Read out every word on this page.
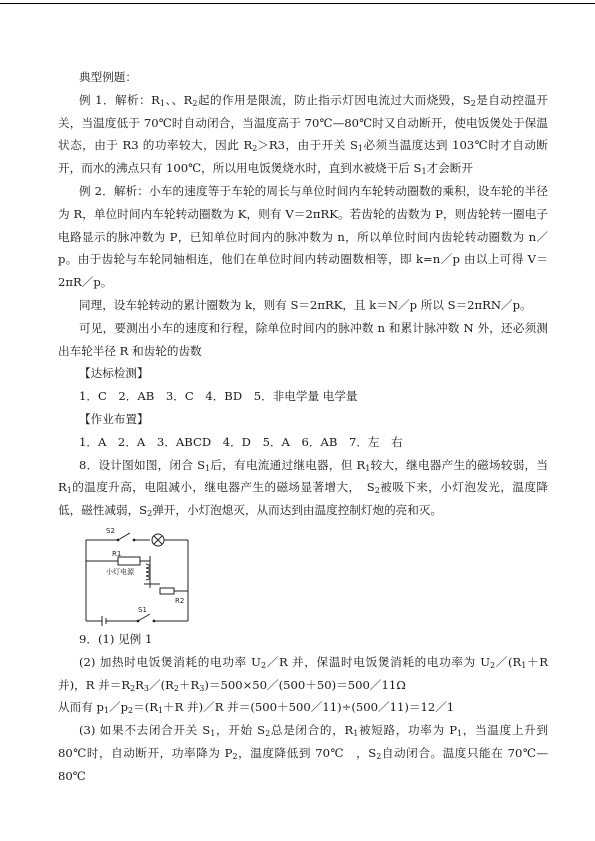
典型例题：

例 1．解析：$R_1$、、$R_2$起的作用是限流，防止指示灯因电流过大而烧毁，$S_2$是自动控温开关，当温度低于 70℃时自动闭合，当温度高于 70℃—80℃时又自动断开，使电饭煲处于保温状态，由于 R3 的功率较大，因此 $R_2>R3$，由于开关 $S_1$必须当温度达到 103℃时才自动断开，而水的沸点只有 100℃，所以用电饭煲烧水时，直到水被烧干后 $S_1$才会断开

例 2．解析：小车的速度等于车轮的周长与单位时间内车轮转动圈数的乘积，设车轮的半径为 R，单位时间内车轮转动圈数为 K，则有 V＝2πRK。若齿轮的齿数为 P，则齿轮转一圈电子电路显示的脉冲数为 P，已知单位时间内的脉冲数为 n，所以单位时间内齿轮转动圈数为 n／p。由于齿轮与车轮同轴相连，他们在单位时间内转动圈数相等，即 k=n／p 由以上可得 V＝2πR／p。

同理，设车轮转动的累计圈数为 k，则有 S＝2πRK，且 k＝N／p 所以 S＝2πRN／p。

可见，要测出小车的速度和行程，除单位时间内的脉冲数 n 和累计脉冲数 N 外，还必须测出车轮半径 R 和齿轮的齿数

【达标检测】

1．C　2．AB　3．C　4．BD　5．非电学量 电学量

【作业布置】

1．A　2．A　3．ABCD　4．D　5．A　6．AB　7．左　右

8．设计图如图，闭合 $S_1$后，有电流通过继电器，但 $R_1$较大，继电器产生的磁场较弱，当 $R_1$的温度升高，电阻减小，继电器产生的磁场显著增大，　$S_2$被吸下来，小灯泡发光，温度降低，磁性减弱，$S_2$弹开，小灯泡熄灭，从而达到由温度控制灯炮的亮和灭。

S2
R1
小灯电源
R2
S1

9．(1) 见例 1

(2) 加热时电饭煲消耗的电功率 $U_2/R$ 并，保温时电饭煲消耗的电功率为 $U_2/(R_1+R$ 并)，R 并$=R_2R_3/(R_2+R_3)=500\times 50/(500+50)=500/11\Omega$

从而有 $p_1/p_2=(R_1+R$ 并)／R 并＝(500＋500／11)÷(500／11)＝12／1

(3) 如果不去闭合开关 $S_1$，开始 $S_2$总是闭合的，$R_1$被短路，功率为 $P_1$，当温度上升到 80℃时，自动断开，功率降为 $P_2$，温度降低到 70℃　，$S_2$自动闭合。温度只能在 70℃—80℃
